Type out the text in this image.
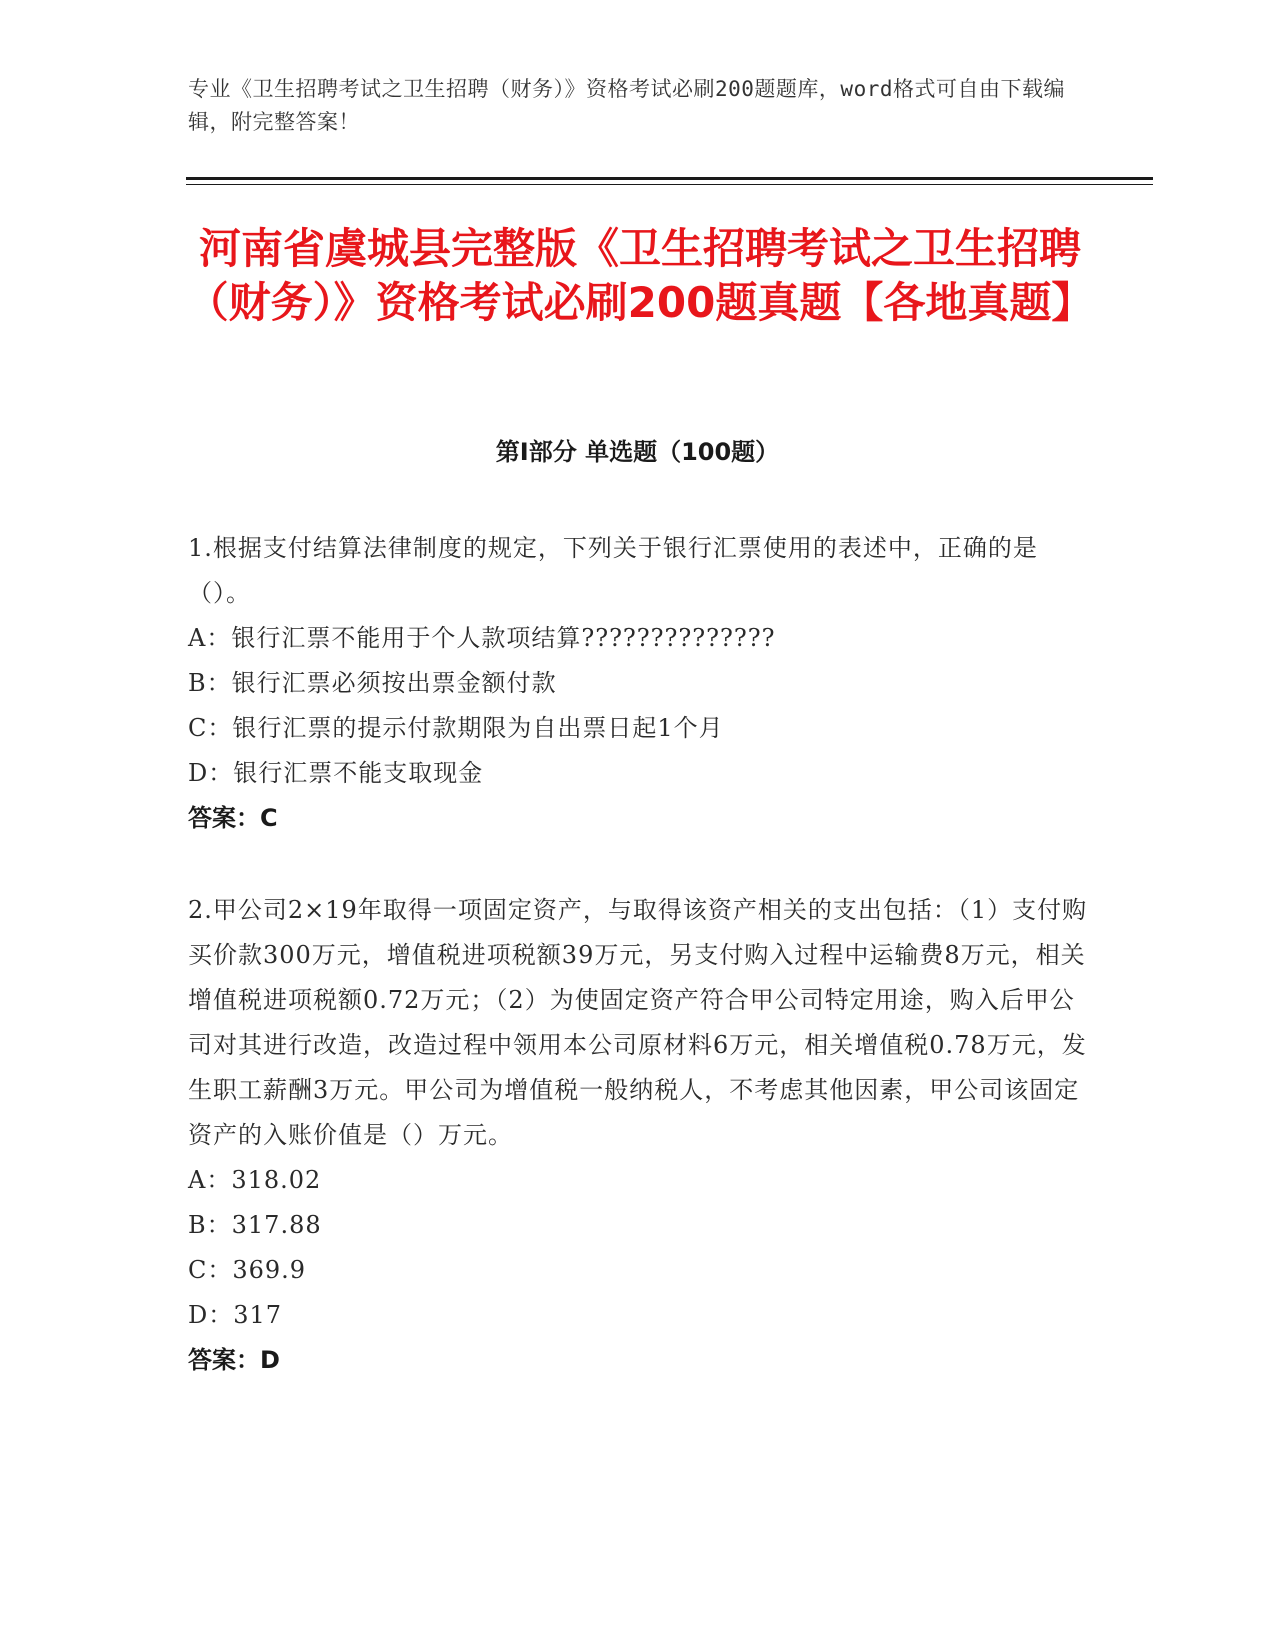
专业《卫生招聘考试之卫生招聘（财务）》资格考试必刷200题题库，word格式可自由下载编辑，附完整答案！
河南省虞城县完整版《卫生招聘考试之卫生招聘（财务）》资格考试必刷200题真题【各地真题】
第I部分 单选题（100题）
1.根据支付结算法律制度的规定，下列关于银行汇票使用的表述中，正确的是（）。
A：银行汇票不能用于个人款项结算??????????????
B：银行汇票必须按出票金额付款
C：银行汇票的提示付款期限为自出票日起1个月
D：银行汇票不能支取现金
答案：C
2.甲公司2×19年取得一项固定资产，与取得该资产相关的支出包括：（1）支付购买价款300万元，增值税进项税额39万元，另支付购入过程中运输费8万元，相关增值税进项税额0.72万元；（2）为使固定资产符合甲公司特定用途，购入后甲公司对其进行改造，改造过程中领用本公司原材料6万元，相关增值税0.78万元，发生职工薪酬3万元。甲公司为增值税一般纳税人，不考虑其他因素，甲公司该固定资产的入账价值是（）万元。
A：318.02
B：317.88
C：369.9
D：317
答案：D
